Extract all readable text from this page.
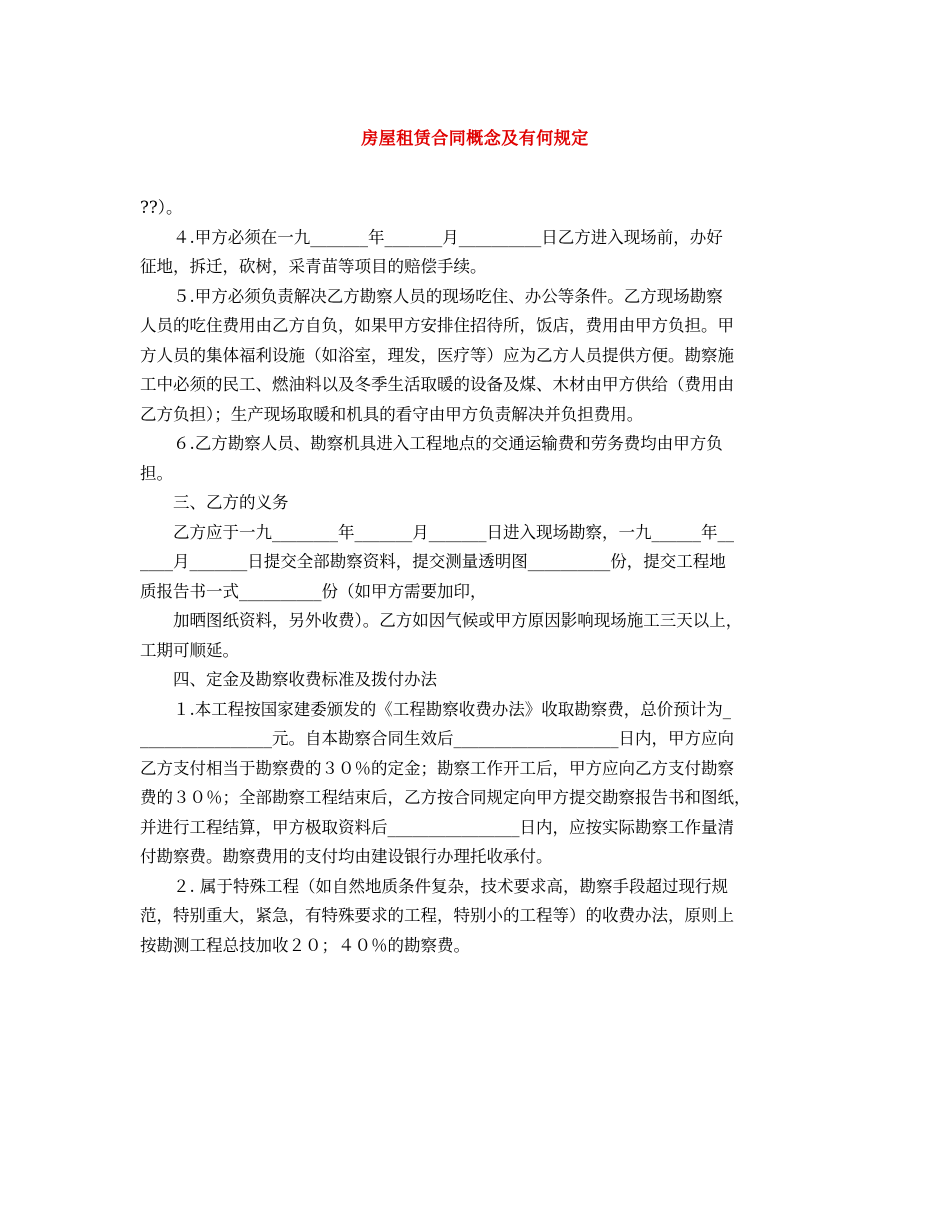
房屋租赁合同概念及有何规定
??）。
４.甲方必须在一九_______年_______月__________日乙方进入现场前，办好
征地，拆迁，砍树，采青苗等项目的赔偿手续。
５.甲方必须负责解决乙方勘察人员的现场吃住、办公等条件。乙方现场勘察
人员的吃住费用由乙方自负，如果甲方安排住招待所，饭店，费用由甲方负担。甲
方人员的集体福利设施（如浴室，理发，医疗等）应为乙方人员提供方便。勘察施
工中必须的民工、燃油料以及冬季生活取暖的设备及煤、木材由甲方供给（费用由
乙方负担）；生产现场取暖和机具的看守由甲方负责解决并负担费用。
６.乙方勘察人员、勘察机具进入工程地点的交通运输费和劳务费均由甲方负
担。
三、乙方的义务
乙方应于一九________年_______月_______日进入现场勘察，一九______年__
____月_______日提交全部勘察资料，提交测量透明图__________份，提交工程地
质报告书一式__________份（如甲方需要加印，
加晒图纸资料，另外收费）。乙方如因气候或甲方原因影响现场施工三天以上，
工期可顺延。
四、定金及勘察收费标准及拨付办法
１.本工程按国家建委颁发的《工程勘察收费办法》收取勘察费，总价预计为_
________________元。自本勘察合同生效后____________________日内，甲方应向
乙方支付相当于勘察费的３０％的定金；勘察工作开工后，甲方应向乙方支付勘察
费的３０％；全部勘察工程结束后，乙方按合同规定向甲方提交勘察报告书和图纸，
并进行工程结算，甲方极取资料后________________日内，应按实际勘察工作量清
付勘察费。勘察费用的支付均由建设银行办理托收承付。
２. 属于特殊工程（如自然地质条件复杂，技术要求高，勘察手段超过现行规
范，特别重大，紧急，有特殊要求的工程，特别小的工程等）的收费办法，原则上
按勘测工程总技加收２０；４０％的勘察费。
